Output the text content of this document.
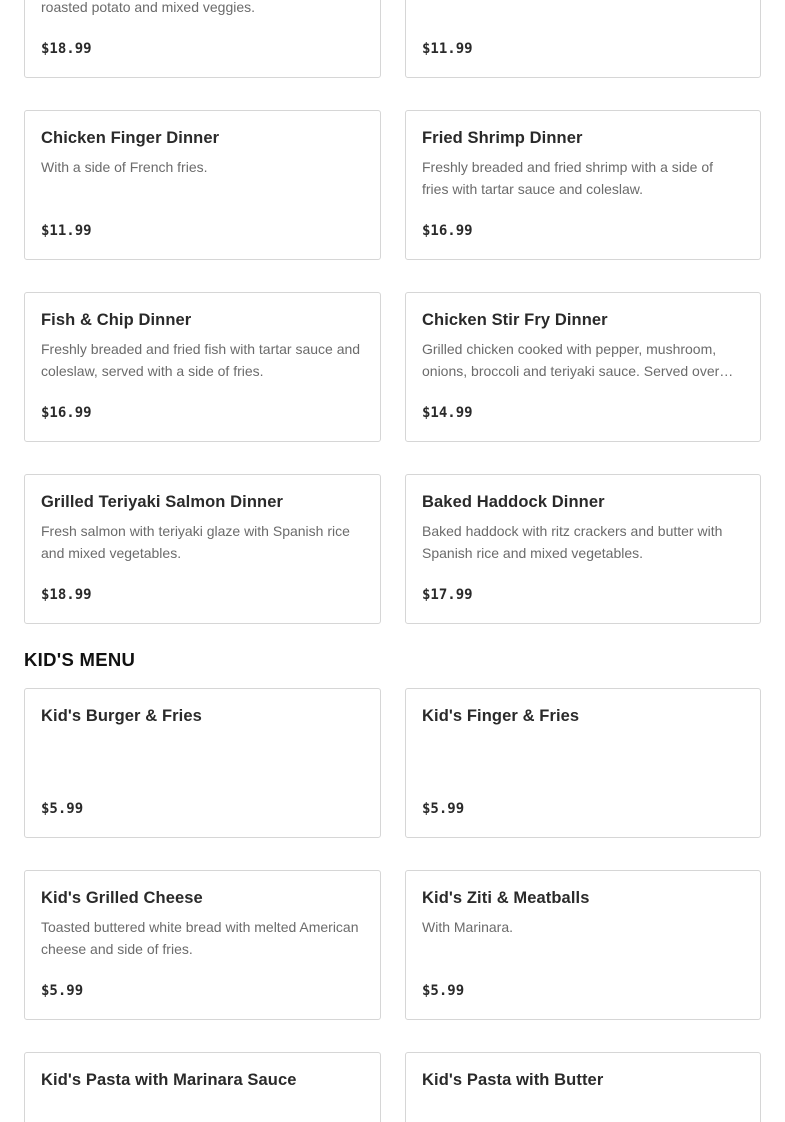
roasted potato and mixed veggies.
$18.99	$11.99
Chicken Finger Dinner
With a side of French fries.
$11.99
Fried Shrimp Dinner
Freshly breaded and fried shrimp with a side of fries with tartar sauce and coleslaw.
$16.99
Fish & Chip Dinner
Freshly breaded and fried fish with tartar sauce and coleslaw, served with a side of fries.
$16.99
Chicken Stir Fry Dinner
Grilled chicken cooked with pepper, mushroom, onions, broccoli and teriyaki sauce. Served over…
$14.99
Grilled Teriyaki Salmon Dinner
Fresh salmon with teriyaki glaze with Spanish rice and mixed vegetables.
$18.99
Baked Haddock Dinner
Baked haddock with ritz crackers and butter with Spanish rice and mixed vegetables.
$17.99
KID'S MENU
Kid's Burger & Fries
$5.99
Kid's Finger & Fries
$5.99
Kid's Grilled Cheese
Toasted buttered white bread with melted American cheese and side of fries.
$5.99
Kid's Ziti & Meatballs
With Marinara.
$5.99
Kid's Pasta with Marinara Sauce	Kid's Pasta with Butter
